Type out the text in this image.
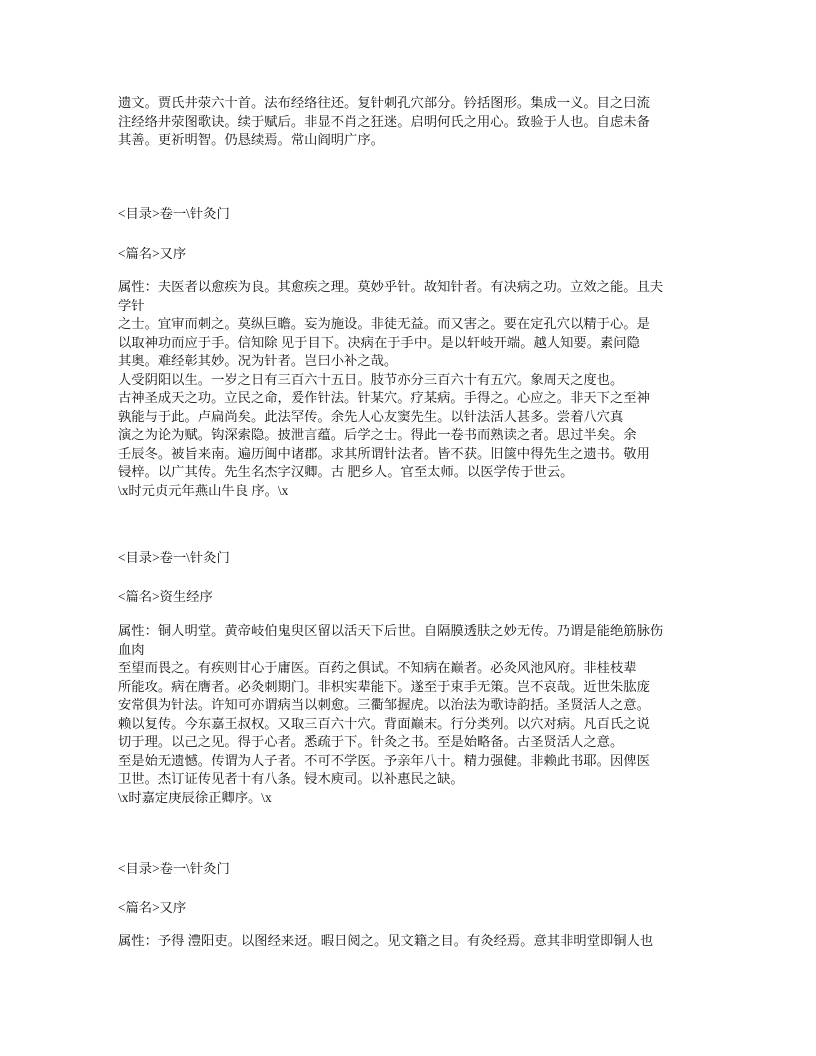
遗文。贾氏井荥六十首。法布经络往还。复针刺孔穴部分。钤括图形。集成一义。目之曰流
注经络井荥图歌诀。续于赋后。非显不肖之狂迷。启明何氏之用心。致验于人也。自虑未备
其善。更祈明智。仍恳续焉。常山阎明广序。
<目录>卷一\针灸门
<篇名>又序
属性：夫医者以愈疾为良。其愈疾之理。莫妙乎针。故知针者。有决病之功。立效之能。且夫
学针
之士。宜审而刺之。莫纵巨瞻。妄为施设。非徒无益。而又害之。要在定孔穴以精于心。是
以取神功而应于手。信知除 见于目下。决病在于手中。是以轩岐开端。越人知要。素问隐
其奥。难经彰其妙。况为针者。岂曰小补之哉。
人受阴阳以生。一岁之日有三百六十五日。肢节亦分三百六十有五穴。象周天之度也。
古神圣成天之功。立民之命，爰作针法。针某穴。疗某病。手得之。心应之。非天下之至神
孰能与于此。卢扁尚矣。此法罕传。余先人心友窦先生。以针法活人甚多。尝着八穴真
演之为论为赋。钩深索隐。披泄言蕴。后学之士。得此一卷书而熟读之者。思过半矣。余
壬辰冬。被旨来南。遍历闽中诸郡。求其所谓针法者。皆不获。旧箧中得先生之遗书。敬用
锓梓。以广其传。先生名杰字汉卿。古 肥乡人。官至太师。以医学传于世云。
\x时元贞元年燕山牛良 序。\x
<目录>卷一\针灸门
<篇名>资生经序
属性：铜人明堂。黄帝岐伯鬼臾区留以活天下后世。自隔膜透肤之妙无传。乃谓是能绝筋脉伤
血肉
至望而畏之。有疾则甘心于庸医。百药之俱试。不知病在巅者。必灸风池风府。非桂枝辈
所能攻。病在膺者。必灸刺期门。非枳实辈能下。遂至于束手无策。岂不哀哉。近世朱肱庞
安常俱为针法。许知可亦谓病当以刺愈。三衢邹握虎。以治法为歌诗韵括。圣贤活人之意。
赖以复传。今东嘉王叔权。又取三百六十穴。背面巅末。行分类列。以穴对病。凡百氏之说
切于理。以己之见。得于心者。悉疏于下。针灸之书。至是始略备。古圣贤活人之意。
至是始无遗憾。传谓为人子者。不可不学医。予亲年八十。精力强健。非赖此书耶。因俾医
卫世。杰订证传见者十有八条。锓木庾司。以补惠民之缺。
\x时嘉定庚辰徐正卿序。\x
<目录>卷一\针灸门
<篇名>又序
属性：予得 澧阳吏。以图经来迓。暇日阅之。见文籍之目。有灸经焉。意其非明堂即铜人也
